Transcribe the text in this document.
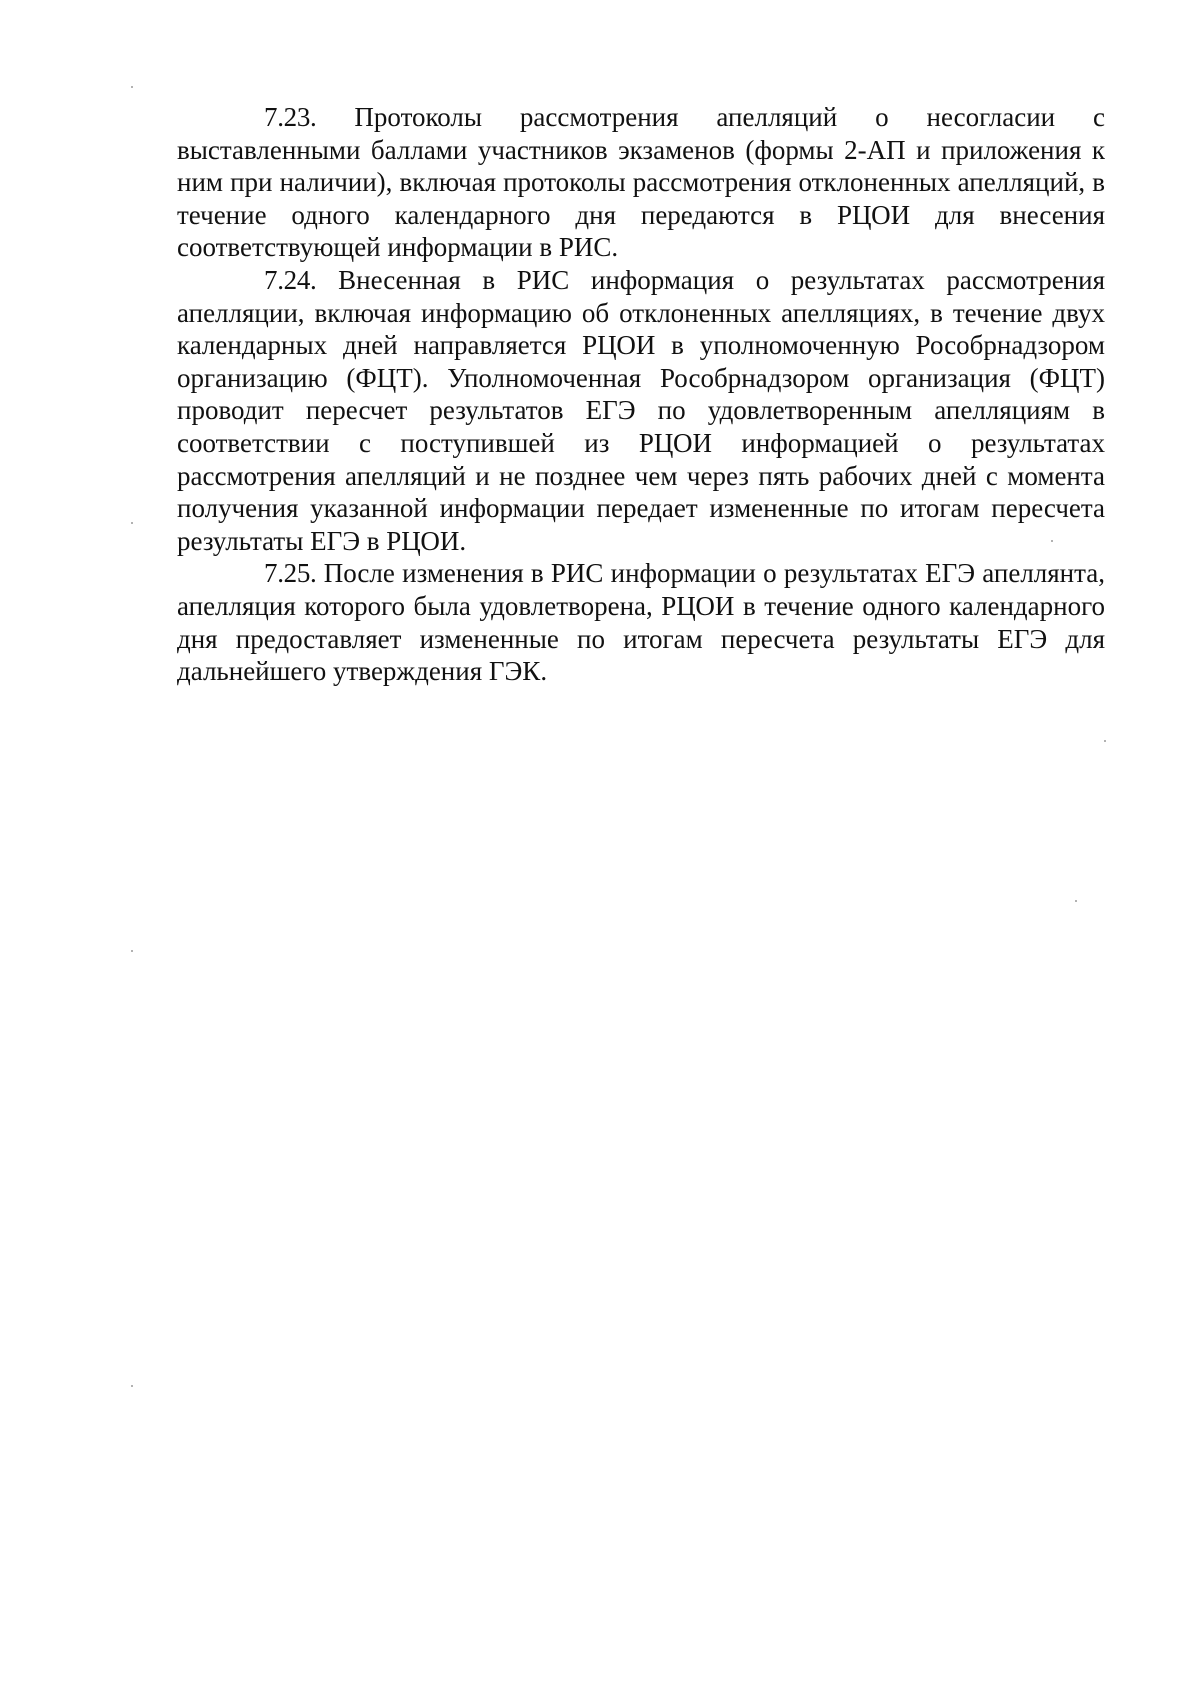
7.23. Протоколы рассмотрения апелляций о несогласии с выставленными баллами участников экзаменов (формы 2-АП и приложения к ним при наличии), включая протоколы рассмотрения отклоненных апелляций, в течение одного календарного дня передаются в РЦОИ для внесения соответствующей информации в РИС.

7.24. Внесенная в РИС информация о результатах рассмотрения апелляции, включая информацию об отклоненных апелляциях, в течение двух календарных дней направляется РЦОИ в уполномоченную Рособрнадзором организацию (ФЦТ). Уполномоченная Рособрнадзором организация (ФЦТ) проводит пересчет результатов ЕГЭ по удовлетворенным апелляциям в соответствии с поступившей из РЦОИ информацией о результатах рассмотрения апелляций и не позднее чем через пять рабочих дней с момента получения указанной информации передает измененные по итогам пересчета результаты ЕГЭ в РЦОИ.

7.25. После изменения в РИС информации о результатах ЕГЭ апеллянта, апелляция которого была удовлетворена, РЦОИ в течение одного календарного дня предоставляет измененные по итогам пересчета результаты ЕГЭ для дальнейшего утверждения ГЭК.
